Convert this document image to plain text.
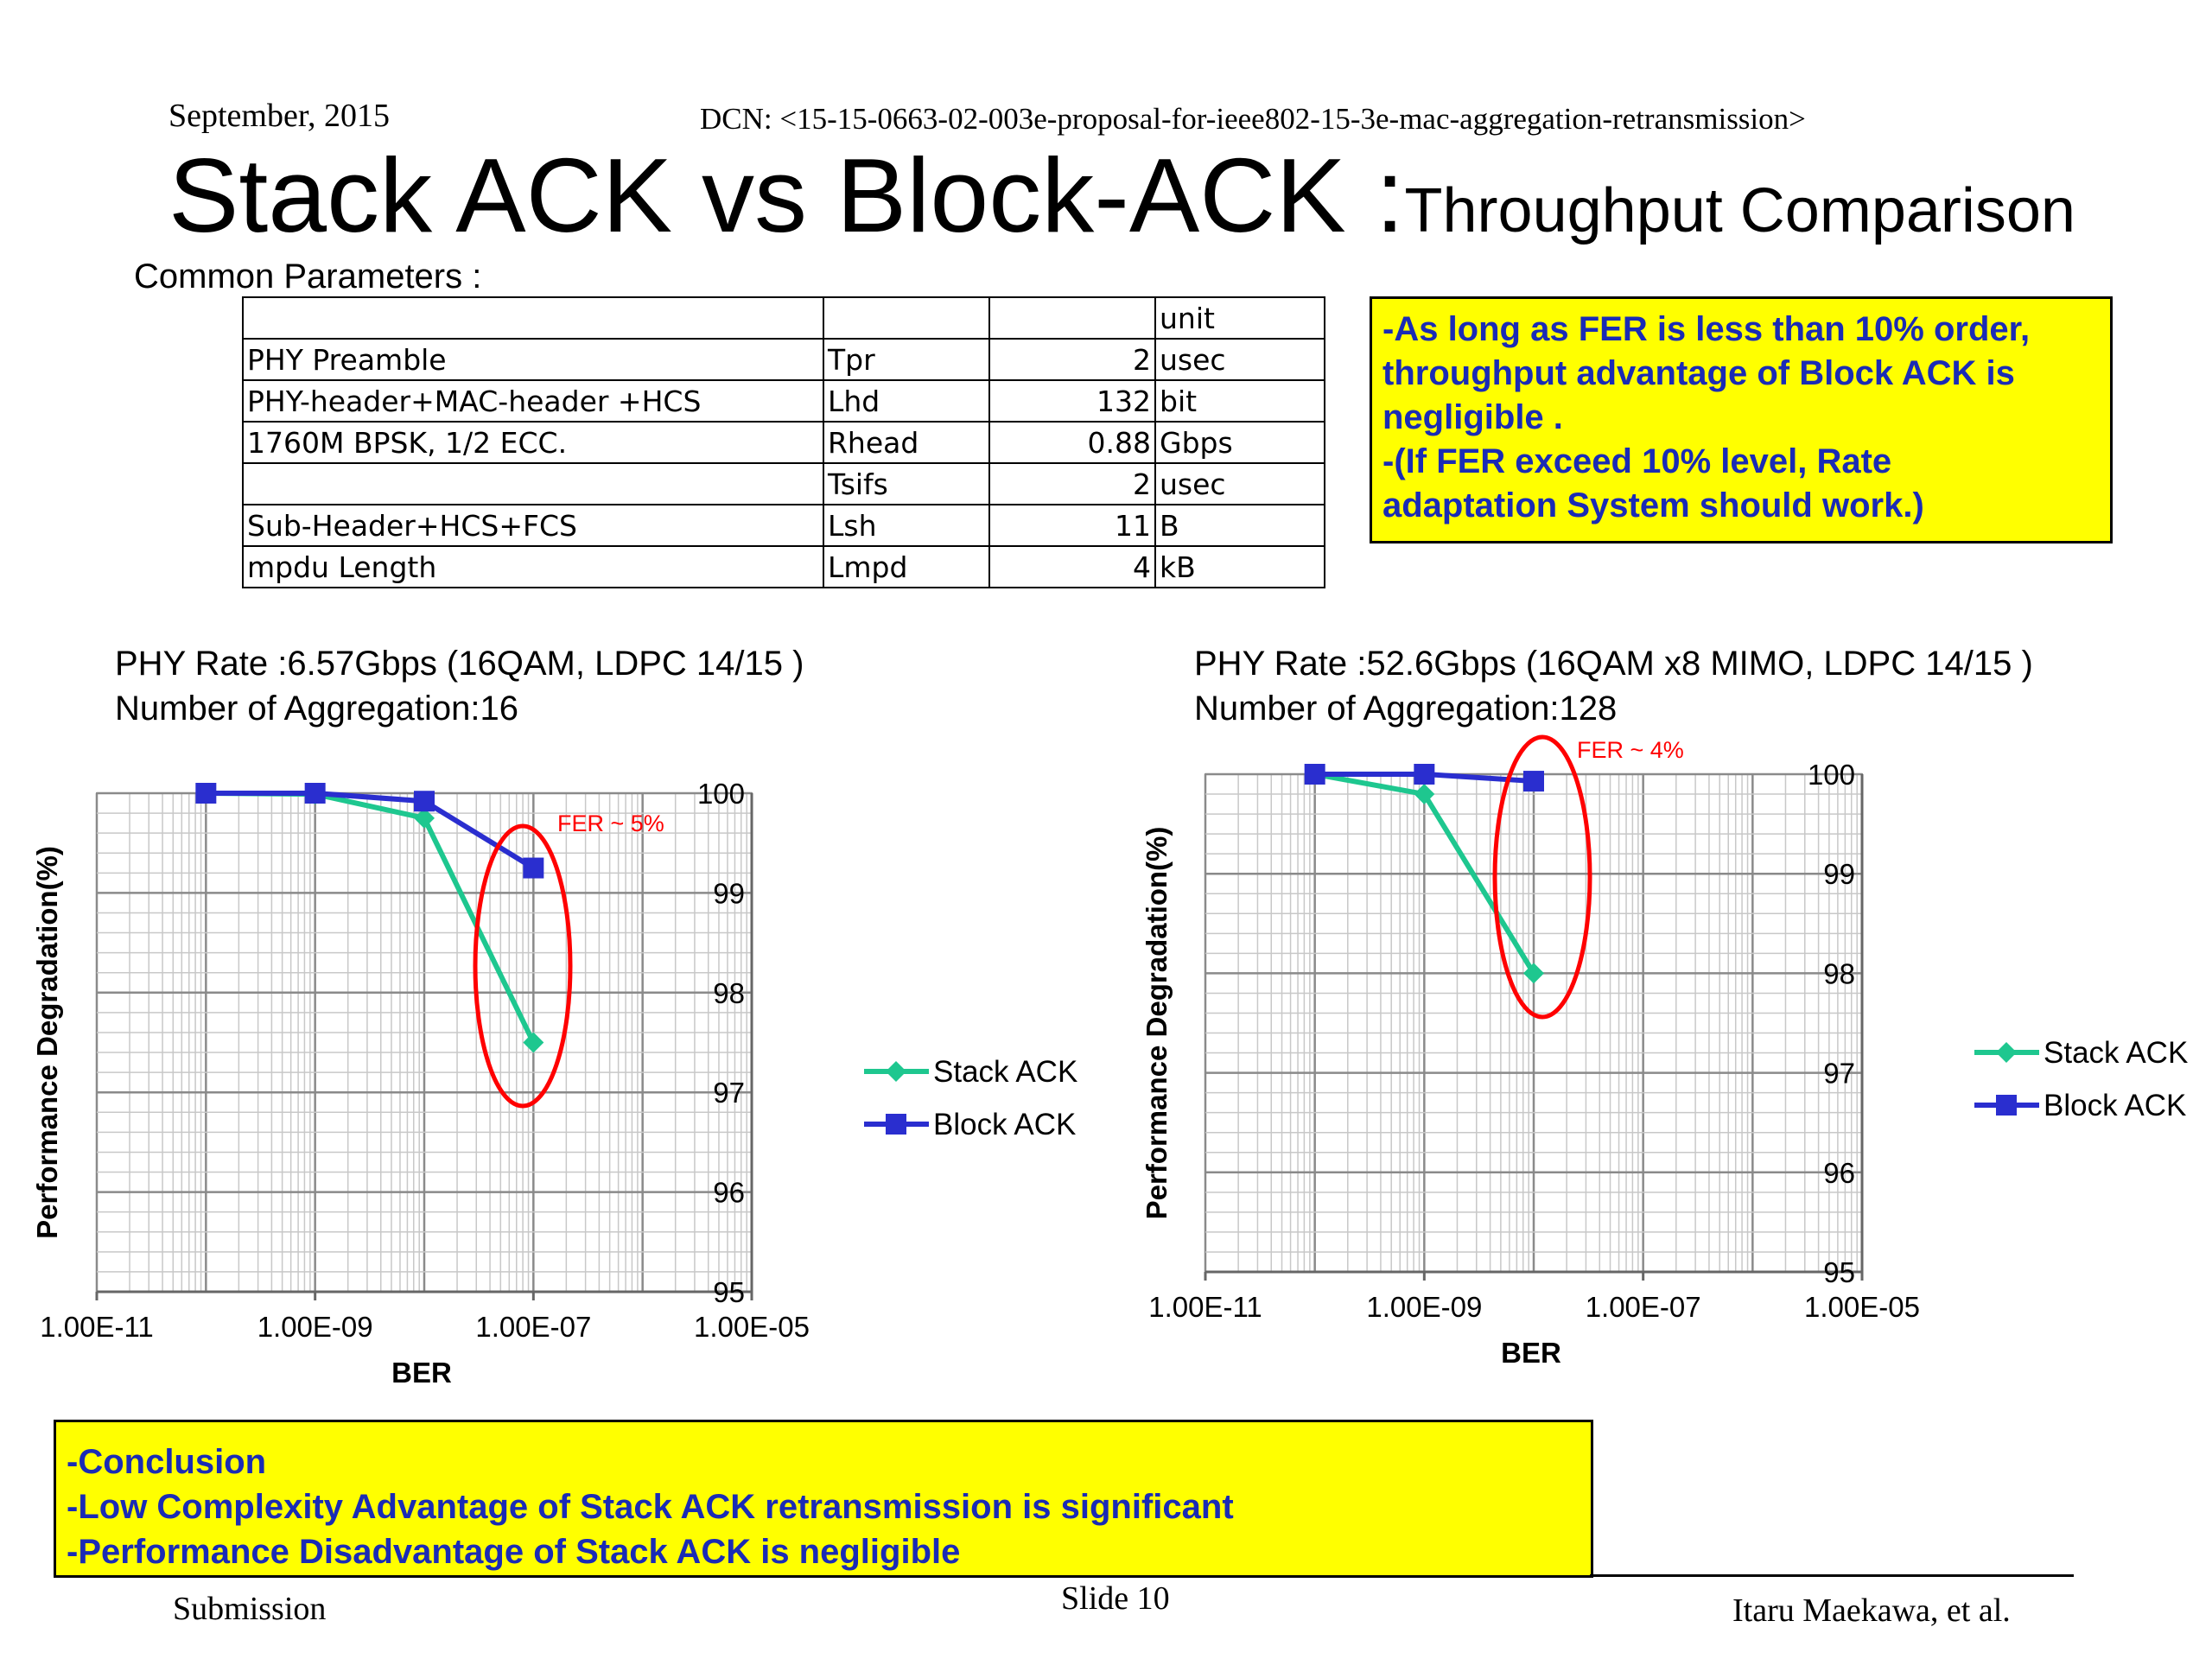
September, 2015	DCN: <15-15-0663-02-003e-proposal-for-ieee802-15-3e-mac-aggregation-retransmission>
Stack ACK vs Block-ACK :Throughput Comparison
Common Parameters :
			unit
PHY Preamble	Tpr	2	usec
PHY-header+MAC-header +HCS	Lhd	132	bit
1760M BPSK, 1/2 ECC.	Rhead	0.88	Gbps
	Tsifs	2	usec
Sub-Header+HCS+FCS	Lsh	11	B
mpdu Length	Lmpd	4	kB
-As long as FER is less than 10% order,
throughput advantage of Block ACK is
negligible .
-(If FER exceed 10% level, Rate
adaptation System should work.)
PHY Rate :6.57Gbps (16QAM, LDPC 14/15 )
Number of Aggregation:16
PHY Rate :52.6Gbps (16QAM x8 MIMO, LDPC 14/15 )
Number of Aggregation:128
1.00E-11	1.00E-09	1.00E-07	1.00E-05
95
96
97
98
99
100
BER
Performance Degradation(%)	Stack ACK
Block ACK
FER ~ 5%
1.00E-11	1.00E-09	1.00E-07	1.00E-05
95
96
97
98
99
100
BER
Performance Degradation(%)	Stack ACK
Block ACK
FER ~ 4%
-Conclusion
-Low Complexity Advantage of Stack ACK retransmission is significant
-Performance Disadvantage of Stack ACK is negligible
Submission	Slide 10	Itaru Maekawa, et al.
